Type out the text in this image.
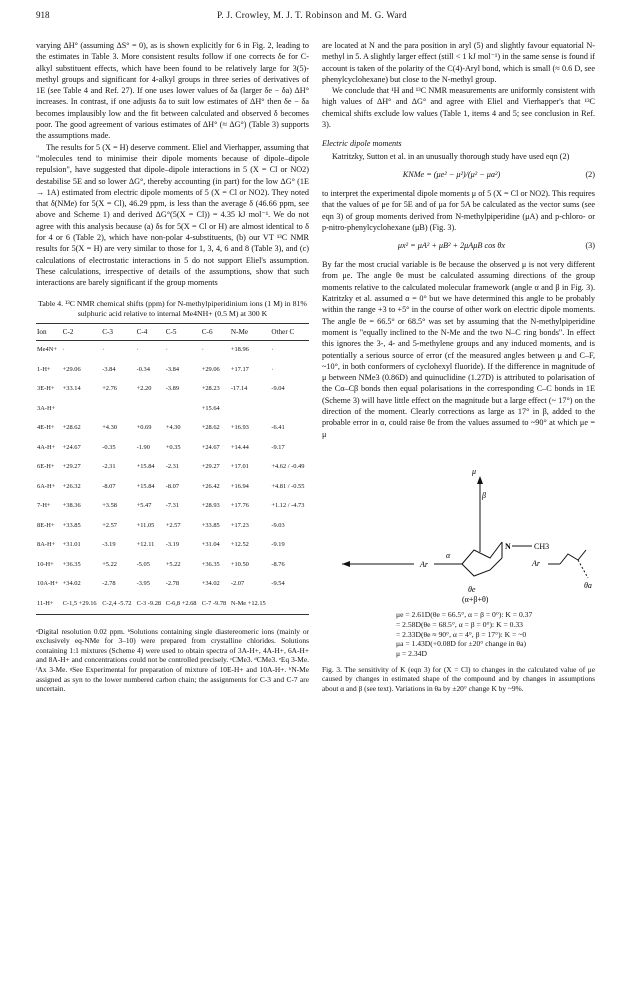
918	P. J. Crowley, M. J. T. Robinson and M. G. Ward

varying ΔH° (assuming ΔS° = 0), as is shown explicitly for 6 in Fig. 2, leading to the estimates in Table 3. More consistent results follow if one corrects δe for C-alkyl substituent effects, which have been found to be relatively large for 3(5)-methyl groups and significant for 4-alkyl groups in three series of derivatives of 1E (see Table 4 and Ref. 27). If one uses lower values of δa (larger δe − δa) ΔH° increases. In contrast, if one adjusts δa to suit low estimates of ΔH° then δe − δa becomes implausibly low and the fit between calculated and observed δ becomes poor. The good agreement of various estimates of ΔH° (≈ ΔG°) (Table 3) supports the assumptions made.

The results for 5 (X = H) deserve comment. Eliel and Vierhapper, assuming that "molecules tend to minimise their dipole moments because of dipole–dipole repulsion", have suggested that dipole–dipole interactions in 5 (X = Cl or NO2) destabilise 5E and so lower ΔG°, thereby accounting (in part) for the low ΔG° (1E → 1A) estimated from electric dipole moments of 5 (X = Cl or NO2). They noted that δ(NMe) for 5(X = Cl), 46.29 ppm, is less than the average δ (46.66 ppm, see above and Scheme 1) and derived ΔG°(5(X = Cl)) = 4.35 kJ mol⁻¹. We do not agree with this analysis because (a) δs for 5(X = Cl or H) are almost identical to δ for 4 or 6 (Table 2), which have non-polar 4-substituents, (b) our VT ¹³C NMR results for 5(X = H) are very similar to those for 1, 3, 4, 6 and 8 (Table 3), and (c) calculations of electrostatic interactions in 5 do not support Eliel's assumption. These calculations, irrespective of details of the assumptions, show that such interactions are barely significant if the group moments

Table 4. ¹³C NMR chemical shifts (ppm) for N-methylpiperidinium ions (1 M) in 81% sulphuric acid relative to internal Me4NH+ (0.5 M) at 300 K
Ion	C-2	C-3	C-4	C-5	C-6	N-Me	Other C
Me4N+	·	·	·	·	·	+18.96	·
1-H+	+29.06	-3.84	-0.34	-3.84	+29.06	+17.17	·
3E-H+	+33.14	+2.76	+2.20	-3.89	+28.23	-17.14	-9.04
3A-H+					+15.64		
4E-H+	+28.62	+4.30	+0.69	+4.30	+28.62	+16.93	-6.41
4A-H+	+24.67	-0.35	-1.90	+0.35	+24.67	+14.44	-9.17
6E-H+	+29.27	-2.31	+15.84	-2.31	+29.27	+17.01	+4.62 / -0.49
6A-H+	+26.32	-8.07	+15.84	-8.07	+26.42	+16.94	+4.81 / -0.55
7-H+	+38.36	+3.58	+5.47	-7.31	+28.93	+17.76	+1.12 / -4.73
8E-H+	+33.85	+2.57	+11.05	+2.57	+33.85	+17.23	-9.03
8A-H+	+31.01	-3.19	+12.11	-3.19	+31.04	+12.52	-9.19
10-H+	+36.35	+5.22	-5.05	+5.22	+36.35	+10.50	-8.76
10A-H+	+34.02	-2.78	-3.95	-2.78	+34.02	-2.07	-9.54
11-H+	C-1,5 +29.16	C-2,4 -5.72	C-3 -9.28	C-6,8 +2.68	C-7 -9.78	N-Me +12.15	
ᵃDigital resolution 0.02 ppm. ᵇSolutions containing single diastereomeric ions (mainly or exclusively eq-NMe for 3–10) were prepared from crystalline chlorides. Solutions containing 1:1 mixtures (Scheme 4) were used to obtain spectra of 3A-H+, 4A-H+, 6A-H+ and 8A-H+ and concentrations could not be controlled precisely. ᶜCMe3. ᵈCMe3. ᵉEq 3-Me. ᶠAx 3-Me. ᵍSee Experimental for preparation of mixture of 10E-H+ and 10A-H+. ʰN-Me assigned as syn to the lower numbered carbon chain; the assignments for C-3 and C-7 are uncertain.

are located at N and the para position in aryl (5) and slightly favour equatorial N-methyl in 5. A slightly larger effect (still < 1 kJ mol⁻¹) in the same sense is found if account is taken of the polarity of the C(4)-Aryl bond, which is small (≈ 0.6 D, see phenylcyclohexane) but close to the N-methyl group.

We conclude that ¹H and ¹³C NMR measurements are uniformly consistent with high values of ΔH° and ΔG° and agree with Eliel and Vierhapper's that ¹³C chemical shifts exclude low values (Table 1, items 4 and 5; see conclusion in Ref. 3).

Electric dipole moments

Katritzky, Sutton et al. in an unusually thorough study have used eqn (2)

KNMe = (μe² − μ²)/(μ² − μa²)	(2)

to interpret the experimental dipole moments μ of 5 (X = Cl or NO2). This requires that the values of μe for 5E and of μa for 5A be calculated as the vector sums (see eqn 3) of group moments derived from N-methylpiperidine (μA) and p-chloro- or p-nitro-phenylcyclohexane (μB) (Fig. 3).

μx² = μA² + μB² + 2μAμB cos θx	(3)

By far the most crucial variable is θe because the observed μ is not very different from μe. The angle θe must be calculated assuming directions of the group moments relative to the calculated molecular framework (angle α and β in Fig. 3). Katritzky et al. assumed α = 0° but we have determined this angle to be probably within the range +3 to +5° in the course of other work on electric dipole moments. The angle θe = 66.5° or 68.5° was set by assuming that the N-methylpiperidine moment is "equally inclined to the N-Me and the two N–C ring bonds". In effect this ignores the 3-, 4- and 5-methylene groups and any induced moments, and is potentially a serious source of error (cf the measured angles between μ and C–F, ~10°, in both conformers of cyclohexyl fluoride). If the difference in magnitude of μ between NMe3 (0.86D) and quinuclidine (1.27D) is attributed to polarisation of the Cα–Cβ bonds then equal polarisations in the corresponding C–C bonds in 1E (Scheme 3) will have little effect on the magnitude but a large effect (~ 17°) on the direction of the moment. Clearly corrections as large as 17° in β, added to the probable error in α, could raise θe from the values assumed to ~90° at which μe = μ

Ar
μ
β
N	CH3
θe
(α+β+θ)
α
Ar
θa
μe = 2.61D(θe = 66.5°, α = β = 0°): K = 0.37
= 2.58D(θe = 68.5°, α = β = 0°): K = 0.33
= 2.33D(θe ≈ 90°, α = 4°, β = 17°): K = ~0
μa = 1.43D(+0.08D for ±20° change in θa)
μ = 2.34D
Fig. 3. The sensitivity of K (eqn 3) for (X = Cl) to changes in the calculated value of μe caused by changes in estimated shape of the compound and by changes in assumptions about α and β (see text). Variations in θa by ±20° change K by ~9%.
